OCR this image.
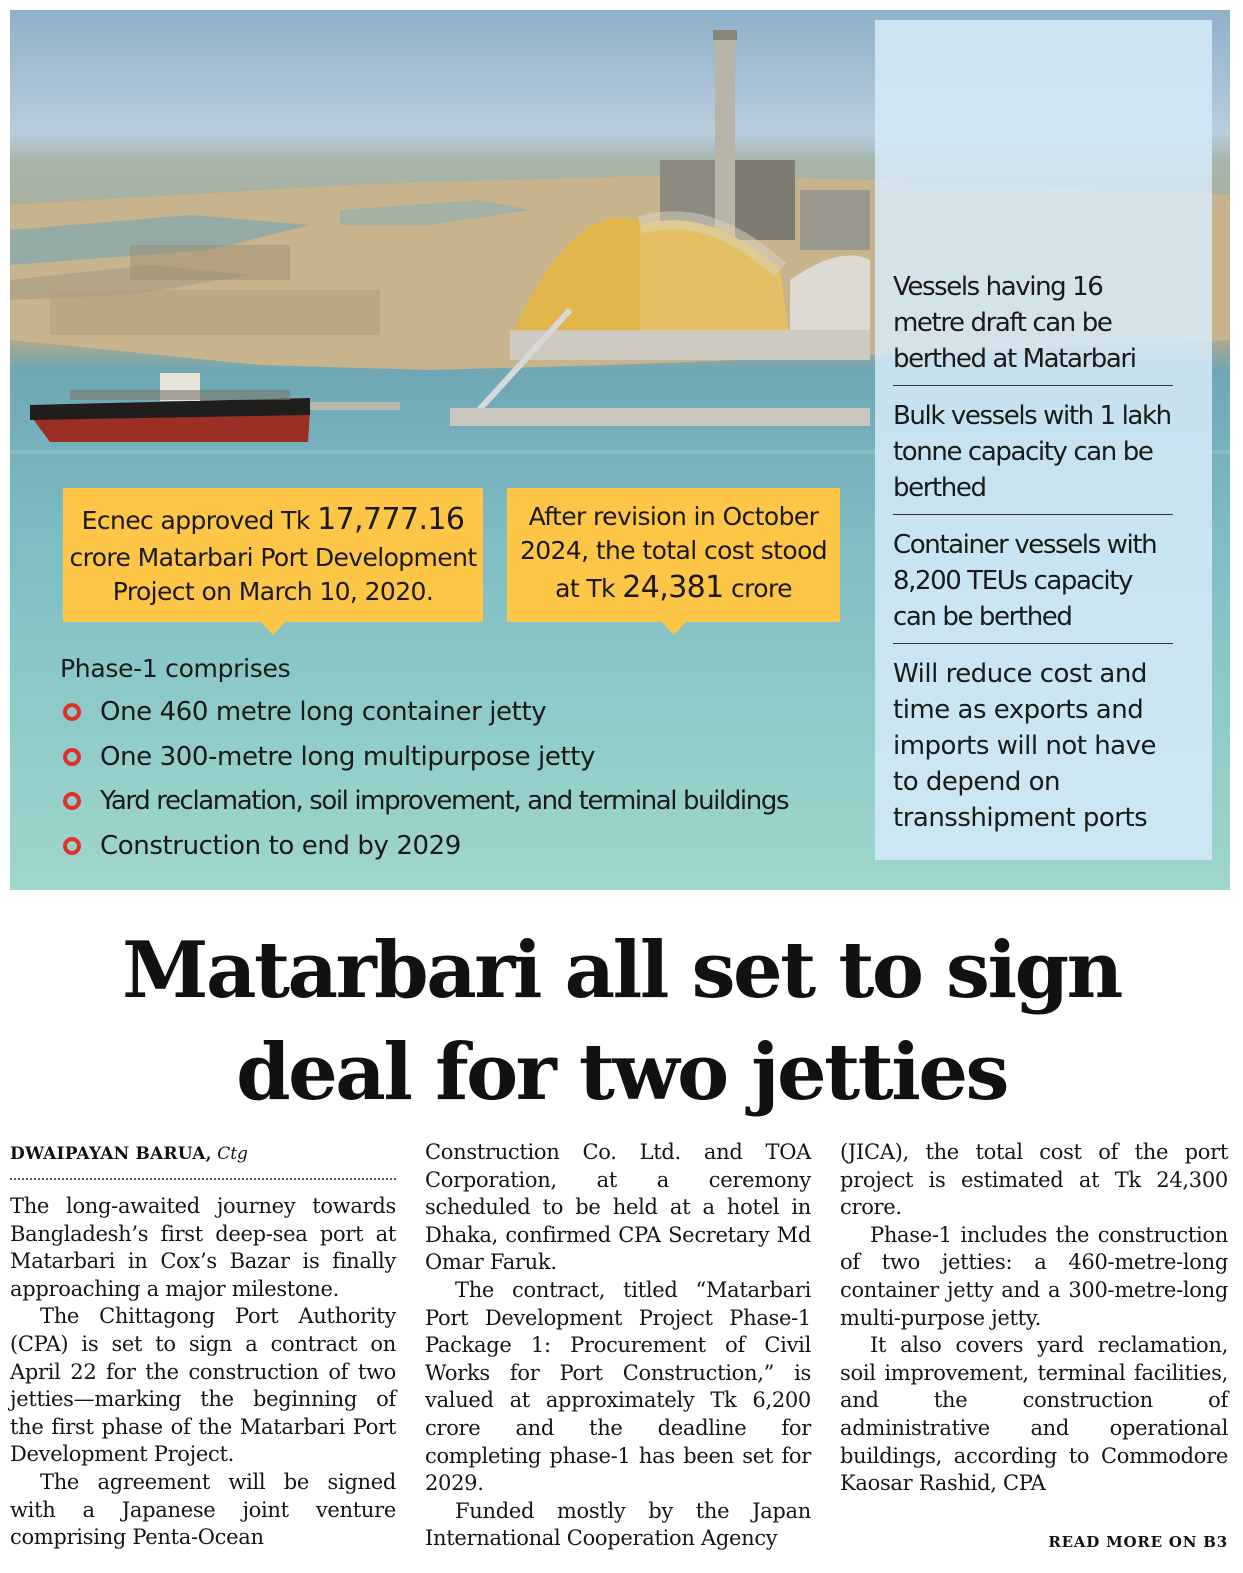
Ecnec approved Tk 17,777.16
crore Matarbari Port Development
Project on March 10, 2020.
After revision in October
2024, the total cost stood
at Tk 24,381 crore
Phase-1 comprises
One 460 metre long container jetty
One 300-metre long multipurpose jetty
Yard reclamation, soil improvement, and terminal buildings
Construction to end by 2029
Vessels having 16 metre draft can be berthed at Matarbari
Bulk vessels with 1 lakh tonne capacity can be berthed
Container vessels with 8,200 TEUs capacity can be berthed
Will reduce cost and time as exports and imports will not have to depend on transshipment ports
Matarbari all set to sign
deal for two jetties
DWAIPAYAN BARUA, Ctg

The long-awaited journey towards Bangladesh’s first deep-sea port at Matarbari in Cox’s Bazar is finally approaching a major milestone.

The Chittagong Port Authority (CPA) is set to sign a contract on April 22 for the construction of two jetties—marking the beginning of the first phase of the Matarbari Port Development Project.

The agreement will be signed with a Japanese joint venture comprising Penta-Ocean

Construction Co. Ltd. and TOA Corporation, at a ceremony scheduled to be held at a hotel in Dhaka, confirmed CPA Secretary Md Omar Faruk.

The contract, titled “Matarbari Port Development Project Phase-1 Package 1: Procurement of Civil Works for Port Construction,” is valued at approximately Tk 6,200 crore and the deadline for completing phase-1 has been set for 2029.

Funded mostly by the Japan International Cooperation Agency

(JICA), the total cost of the port project is estimated at Tk 24,300 crore.

Phase-1 includes the construction of two jetties: a 460-metre-long container jetty and a 300-metre-long multi-purpose jetty.

It also covers yard reclamation, soil improvement, terminal facilities, and the construction of administrative and operational buildings, according to Commodore Kaosar Rashid, CPA

READ MORE ON B3
